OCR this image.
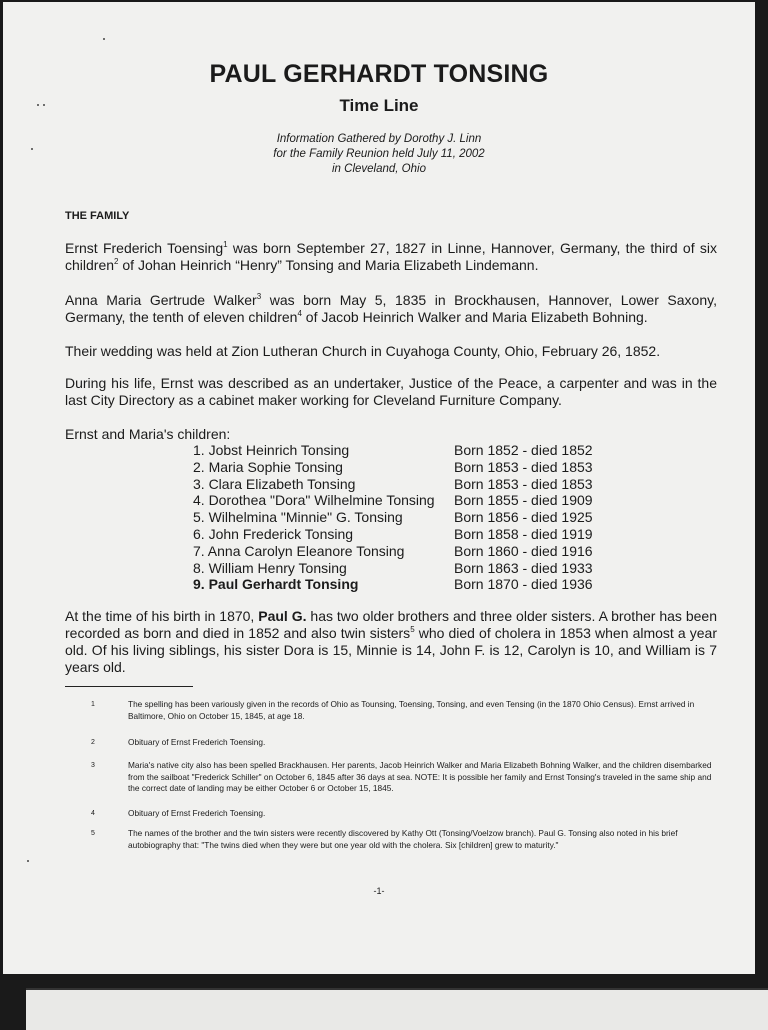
PAUL GERHARDT TONSING
Time Line
Information Gathered by Dorothy J. Linn
for the Family Reunion held July 11, 2002
in Cleveland, Ohio
THE FAMILY
Ernst Frederich Toensing$^1$ was born September 27, 1827 in Linne, Hannover, Germany, the third of six children$^2$ of Johan Heinrich “Henry” Tonsing and Maria Elizabeth Lindemann.
Anna Maria Gertrude Walker$^3$ was born May 5, 1835 in Brockhausen, Hannover, Lower Saxony, Germany, the tenth of eleven children$^4$ of Jacob Heinrich Walker and Maria Elizabeth Bohning.
Their wedding was held at Zion Lutheran Church in Cuyahoga County, Ohio, February 26, 1852.
During his life, Ernst was described as an undertaker, Justice of the Peace, a carpenter and was in the last City Directory as a cabinet maker working for Cleveland Furniture Company.
Ernst and Maria's children:
1. Jobst Heinrich Tonsing	Born 1852 - died 1852
2. Maria Sophie Tonsing	Born 1853 - died 1853
3. Clara Elizabeth Tonsing	Born 1853 - died 1853
4. Dorothea "Dora" Wilhelmine Tonsing	Born 1855 - died 1909
5. Wilhelmina "Minnie" G. Tonsing	Born 1856 - died 1925
6. John Frederick Tonsing	Born 1858 - died 1919
7. Anna Carolyn Eleanore Tonsing	Born 1860 - died 1916
8. William Henry Tonsing	Born 1863 - died 1933
9. Paul Gerhardt Tonsing	Born 1870 - died 1936
At the time of his birth in 1870, Paul G. has two older brothers and three older sisters. A brother has been recorded as born and died in 1852 and also twin sisters$^5$ who died of cholera in 1853 when almost a year old. Of his living siblings, his sister Dora is 15, Minnie is 14, John F. is 12, Carolyn is 10, and William is 7 years old.
1	The spelling has been variously given in the records of Ohio as Tounsing, Toensing, Tonsing, and even Tensing (in the 1870 Ohio Census). Ernst arrived in Baltimore, Ohio on October 15, 1845, at age 18.
2	Obituary of Ernst Frederich Toensing.
3	Maria's native city also has been spelled Brackhausen. Her parents, Jacob Heinrich Walker and Maria Elizabeth Bohning Walker, and the children disembarked from the sailboat "Frederick Schiller" on October 6, 1845 after 36 days at sea. NOTE: It is possible her family and Ernst Tonsing's traveled in the same ship and the correct date of landing may be either October 6 or October 15, 1845.
4	Obituary of Ernst Frederich Toensing.
5	The names of the brother and the twin sisters were recently discovered by Kathy Ott (Tonsing/Voelzow branch). Paul G. Tonsing also noted in his brief autobiography that: "The twins died when they were but one year old with the cholera. Six [children] grew to maturity."
-1-
